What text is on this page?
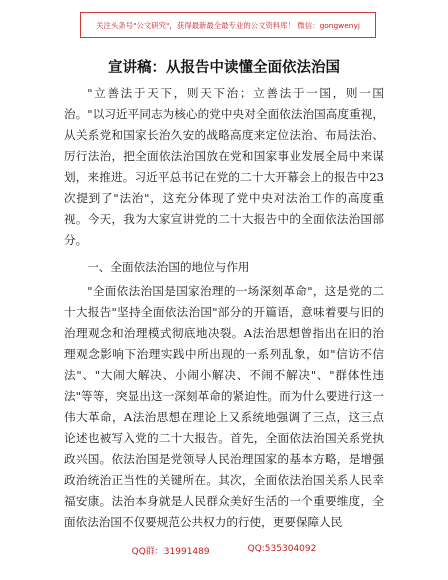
关注头条号"公文研究"，获得最新最全最专业的公文资料库！ 微信：gongwenyj
宣讲稿：从报告中读懂全面依法治国

"立善法于天下，则天下治；立善法于一国，则一国治。"以习近平同志为核心的党中央对全面依法治国高度重视，从关系党和国家长治久安的战略高度来定位法治、布局法治、厉行法治，把全面依法治国放在党和国家事业发展全局中来谋划，来推进。习近平总书记在党的二十大开幕会上的报告中23次提到了"法治"，这充分体现了党中央对法治工作的高度重视。今天，我为大家宣讲党的二十大报告中的全面依法治国部分。

一、全面依法治国的地位与作用

"全面依法治国是国家治理的一场深刻革命"，这是党的二十大报告"坚持全面依法治国"部分的开篇语，意味着要与旧的治理观念和治理模式彻底地决裂。A法治思想曾指出在旧的治理观念影响下治理实践中所出现的一系列乱象，如"信访不信法"、"大闹大解决、小闹小解决、不闹不解决"、"群体性违法"等等，突显出这一深刻革命的紧迫性。而为什么要进行这一伟大革命，A法治思想在理论上又系统地强调了三点，这三点论述也被写入党的二十大报告。首先，全面依法治国关系党执政兴国。依法治国是党领导人民治理国家的基本方略，是增强政治统治正当性的关键所在。其次，全面依法治国关系人民幸福安康。法治本身就是人民群众美好生活的一个重要维度，全面依法治国不仅要规范公共权力的行使，更要保障人民

QQ群：31991489	QQ:535304092
